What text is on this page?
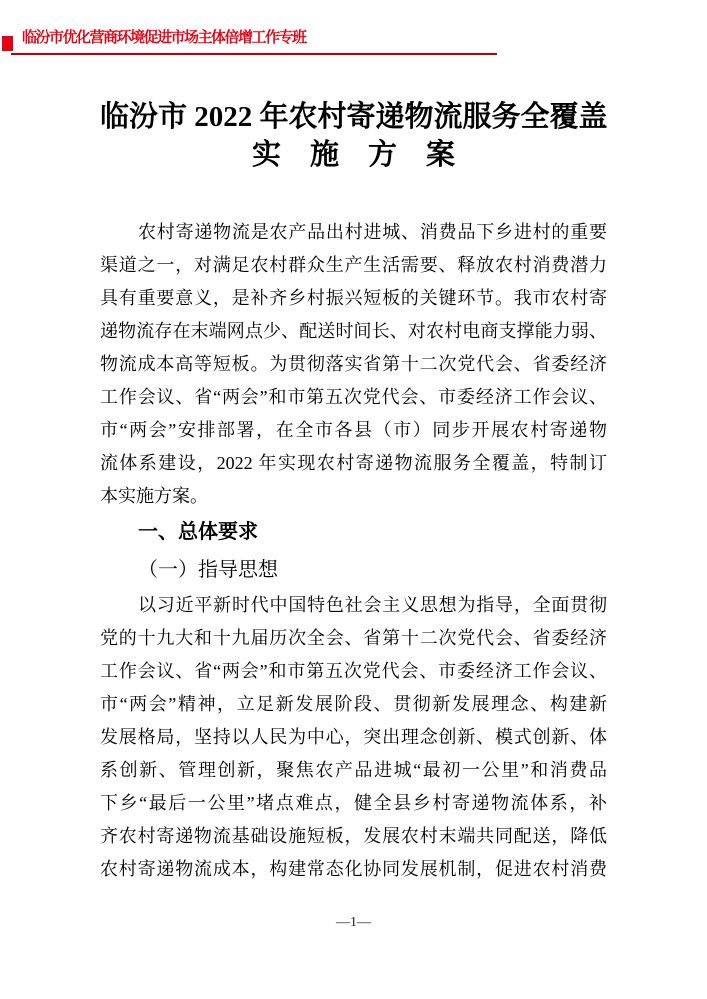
临汾市优化营商环境促进市场主体倍增工作专班
临汾市 2022 年农村寄递物流服务全覆盖
实　施　方　案
农村寄递物流是农产品出村进城、消费品下乡进村的重要
渠道之一，对满足农村群众生产生活需要、释放农村消费潜力
具有重要意义，是补齐乡村振兴短板的关键环节。我市农村寄
递物流存在末端网点少、配送时间长、对农村电商支撑能力弱、
物流成本高等短板。为贯彻落实省第十二次党代会、省委经济
工作会议、省“两会”和市第五次党代会、市委经济工作会议、
市“两会”安排部署，在全市各县（市）同步开展农村寄递物
流体系建设，2022 年实现农村寄递物流服务全覆盖，特制订
本实施方案。
一、总体要求
（一）指导思想
以习近平新时代中国特色社会主义思想为指导，全面贯彻
党的十九大和十九届历次全会、省第十二次党代会、省委经济
工作会议、省“两会”和市第五次党代会、市委经济工作会议、
市“两会”精神，立足新发展阶段、贯彻新发展理念、构建新
发展格局，坚持以人民为中心，突出理念创新、模式创新、体
系创新、管理创新，聚焦农产品进城“最初一公里”和消费品
下乡“最后一公里”堵点难点，健全县乡村寄递物流体系，补
齐农村寄递物流基础设施短板，发展农村末端共同配送，降低
农村寄递物流成本，构建常态化协同发展机制，促进农村消费
—1—
